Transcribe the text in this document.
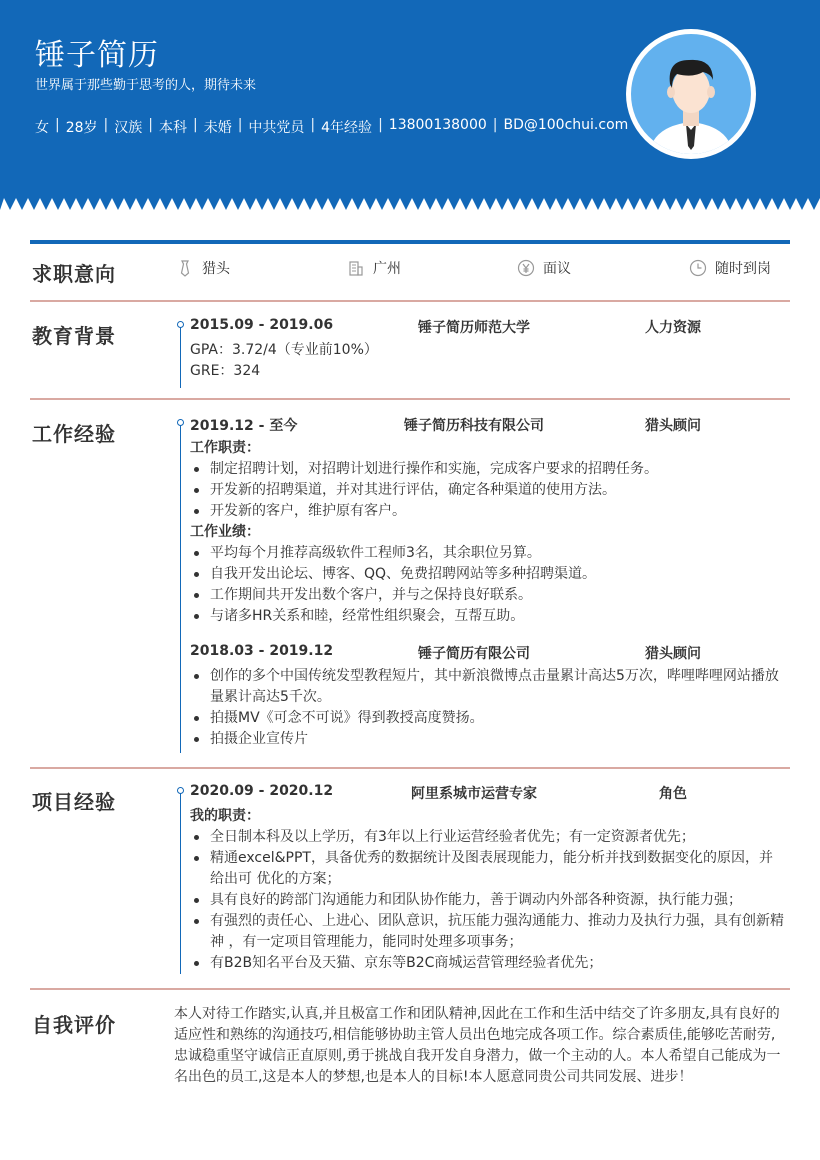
锤子简历
世界属于那些勤于思考的人，期待未来
女 | 28岁 | 汉族 | 本科 | 未婚 | 中共党员 | 4年经验 | 13800138000 | BD@100chui.com
求职意向	猎头	广州	面议	随时到岗
教育背景	2015.09 - 2019.06	锤子简历师范大学	人力资源
GPA：3.72/4（专业前10%）
GRE：324
工作经验	2019.12 - 至今	锤子简历科技有限公司	猎头顾问
工作职责：
制定招聘计划，对招聘计划进行操作和实施，完成客户要求的招聘任务。
开发新的招聘渠道，并对其进行评估，确定各种渠道的使用方法。
开发新的客户，维护原有客户。
工作业绩：
平均每个月推荐高级软件工程师3名，其余职位另算。
自我开发出论坛、博客、QQ、免费招聘网站等多种招聘渠道。
工作期间共开发出数个客户，并与之保持良好联系。
与诸多HR关系和睦，经常性组织聚会，互帮互助。
2018.03 - 2019.12	锤子简历有限公司	猎头顾问
创作的多个中国传统发型教程短片，其中新浪微博点击量累计高达5万次，哔哩哔哩网站播放量累计高达5千次。
拍摄MV《可念不可说》得到教授高度赞扬。
拍摄企业宣传片
项目经验	2020.09 - 2020.12	阿里系城市运营专家	角色
我的职责：
全日制本科及以上学历，有3年以上行业运营经验者优先；有一定资源者优先；
精通excel&PPT，具备优秀的数据统计及图表展现能力，能分析并找到数据变化的原因，并给出可 优化的方案；
具有良好的跨部门沟通能力和团队协作能力，善于调动内外部各种资源，执行能力强；
有强烈的责任心、上进心、团队意识，抗压能力强沟通能力、推动力及执行力强，具有创新精神 ，有一定项目管理能力，能同时处理多项事务；
有B2B知名平台及天猫、京东等B2C商城运营管理经验者优先；
自我评价	本人对待工作踏实,认真,并且极富工作和团队精神,因此在工作和生活中结交了许多朋友,具有良好的适应性和熟练的沟通技巧,相信能够协助主管人员出色地完成各项工作。综合素质佳,能够吃苦耐劳,忠诚稳重坚守诚信正直原则,勇于挑战自我开发自身潜力，做一个主动的人。本人希望自己能成为一名出色的员工,这是本人的梦想,也是本人的目标!本人愿意同贵公司共同发展、进步！
